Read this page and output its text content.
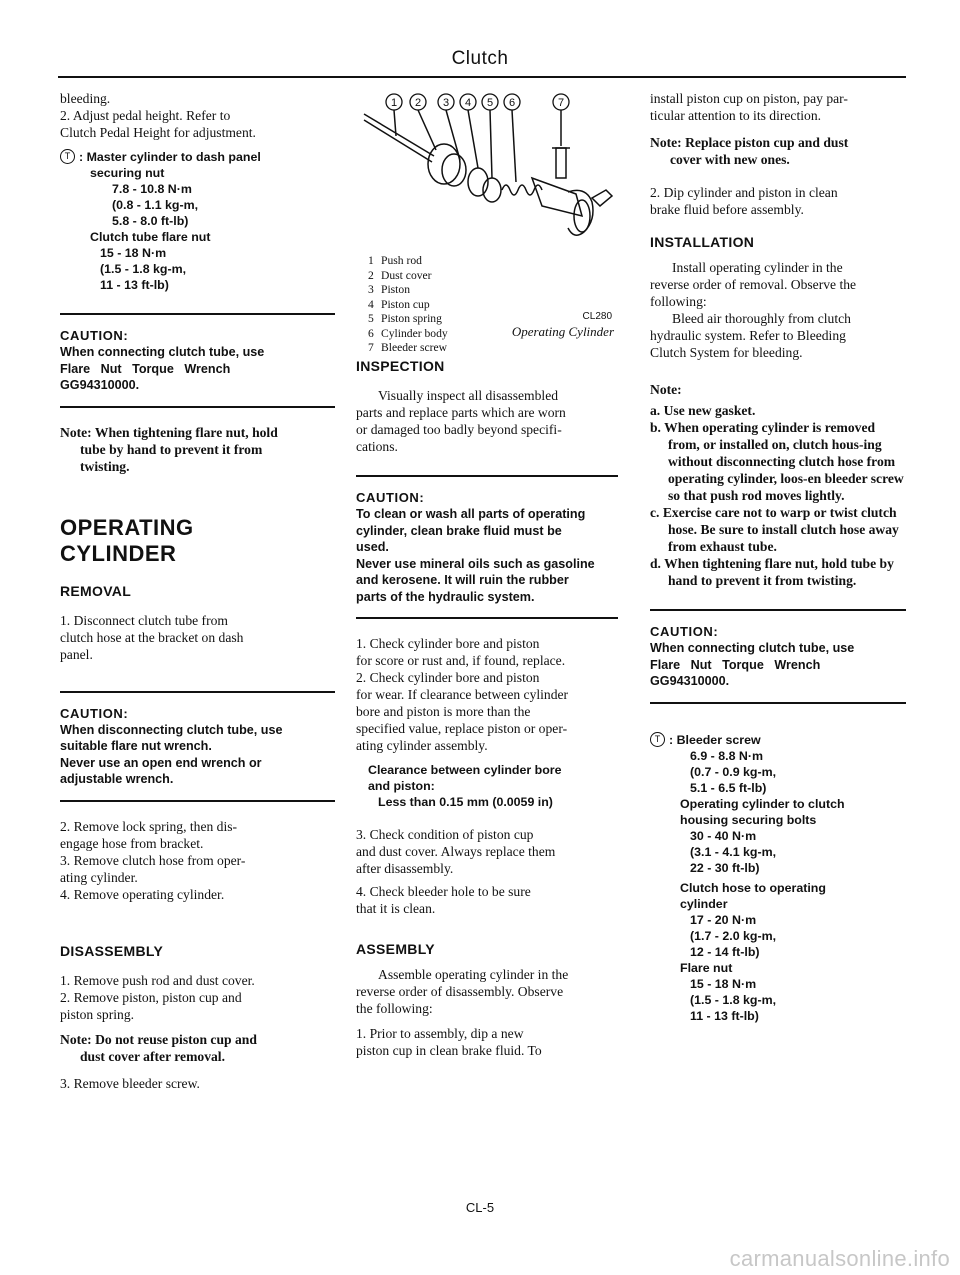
Clutch

bleeding.

2. Adjust pedal height. Refer to

Clutch Pedal Height for adjustment.

T : Master cylinder to dash panel
securing nut
7.8 - 10.8 N·m
(0.8 - 1.1 kg-m,
5.8 - 8.0 ft-lb)
Clutch tube flare nut
15 - 18 N·m
(1.5 - 1.8 kg-m,
11 - 13 ft-lb)
CAUTION:
When connecting clutch tube, use
Flare   Nut   Torque   Wrench
GG94310000.

Note: When tightening flare nut, hold

tube by hand to prevent it from

twisting.

OPERATING
CYLINDER
REMOVAL

1. Disconnect clutch tube from

clutch hose at the bracket on dash

panel.

CAUTION:
When disconnecting clutch tube, use
suitable flare nut wrench.
Never use an open end wrench or
adjustable wrench.

2. Remove lock spring, then dis-

engage hose from bracket.

3. Remove clutch hose from oper-

ating cylinder.

4. Remove operating cylinder.

DISASSEMBLY

1. Remove push rod and dust cover.

2. Remove piston, piston cup and

piston spring.

Note: Do not reuse piston cup and

dust cover after removal.

3. Remove bleeder screw.

1 2 3 4 5 6	7
1 Push rod
2 Dust cover
3 Piston
4 Piston cup
5 Piston spring
6 Cylinder body
7 Bleeder screw
CL280
Operating Cylinder
INSPECTION

Visually inspect all disassembled

parts and replace parts which are worn

or damaged too badly beyond specifi-

cations.

CAUTION:
To clean or wash all parts of operating
cylinder, clean brake fluid must be
used.
Never use mineral oils such as gasoline
and kerosene. It will ruin the rubber
parts of the hydraulic system.

1. Check cylinder bore and piston

for score or rust and, if found, replace.

2. Check cylinder bore and piston

for wear. If clearance between cylinder

bore and piston is more than the

specified value, replace piston or oper-

ating cylinder assembly.

Clearance between cylinder bore
and piston:
Less than 0.15 mm (0.0059 in)

3. Check condition of piston cup

and dust cover. Always replace them

after disassembly.

4. Check bleeder hole to be sure

that it is clean.

ASSEMBLY

Assemble operating cylinder in the

reverse order of disassembly. Observe

the following:

1. Prior to assembly, dip a new

piston cup in clean brake fluid. To

install piston cup on piston, pay par-

ticular attention to its direction.

Note: Replace piston cup and dust

cover with new ones.

2. Dip cylinder and piston in clean

brake fluid before assembly.

INSTALLATION

Install operating cylinder in the

reverse order of removal. Observe the

following:

Bleed air thoroughly from clutch

hydraulic system. Refer to Bleeding

Clutch System for bleeding.

Note:

a. Use new gasket.
b. When operating cylinder is removed from, or installed on, clutch hous-ing without disconnecting clutch hose from operating cylinder, loos-en bleeder screw so that push rod moves lightly.
c. Exercise care not to warp or twist clutch hose. Be sure to install clutch hose away from exhaust tube.
d. When tightening flare nut, hold tube by hand to prevent it from twisting.
CAUTION:
When connecting clutch tube, use
Flare   Nut   Torque   Wrench
GG94310000.
T : Bleeder screw
6.9 - 8.8 N·m
(0.7 - 0.9 kg-m,
5.1 - 6.5 ft-lb)
Operating cylinder to clutch
housing securing bolts
30 - 40 N·m
(3.1 - 4.1 kg-m,
22 - 30 ft-lb)
Clutch hose to operating
cylinder
17 - 20 N·m
(1.7 - 2.0 kg-m,
12 - 14 ft-lb)
Flare nut
15 - 18 N·m
(1.5 - 1.8 kg-m,
11 - 13 ft-lb)
CL-5
carmanualsonline.info
